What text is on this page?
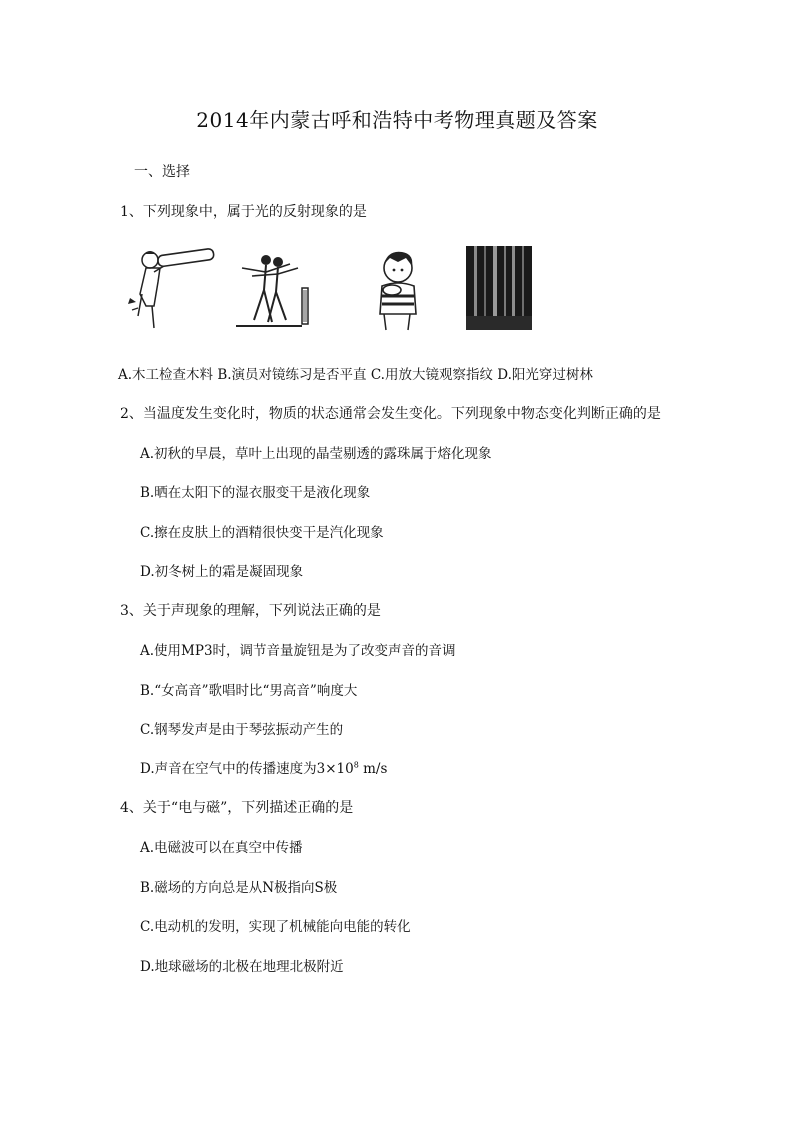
2014年内蒙古呼和浩特中考物理真题及答案
一、选择
1、下列现象中，属于光的反射现象的是
A.木工检查木料 B.演员对镜练习是否平直 C.用放大镜观察指纹 D.阳光穿过树林
2、当温度发生变化时，物质的状态通常会发生变化。下列现象中物态变化判断正确的是
A.初秋的早晨，草叶上出现的晶莹剔透的露珠属于熔化现象
B.晒在太阳下的湿衣服变干是液化现象
C.擦在皮肤上的酒精很快变干是汽化现象
D.初冬树上的霜是凝固现象
3、关于声现象的理解，下列说法正确的是
A.使用MP3时，调节音量旋钮是为了改变声音的音调
B.“女高音”歌唱时比“男高音”响度大
C.钢琴发声是由于琴弦振动产生的
D.声音在空气中的传播速度为$3\times 10^8$ m/s
4、关于“电与磁”，下列描述正确的是
A.电磁波可以在真空中传播
B.磁场的方向总是从N极指向S极
C.电动机的发明，实现了机械能向电能的转化
D.地球磁场的北极在地理北极附近
